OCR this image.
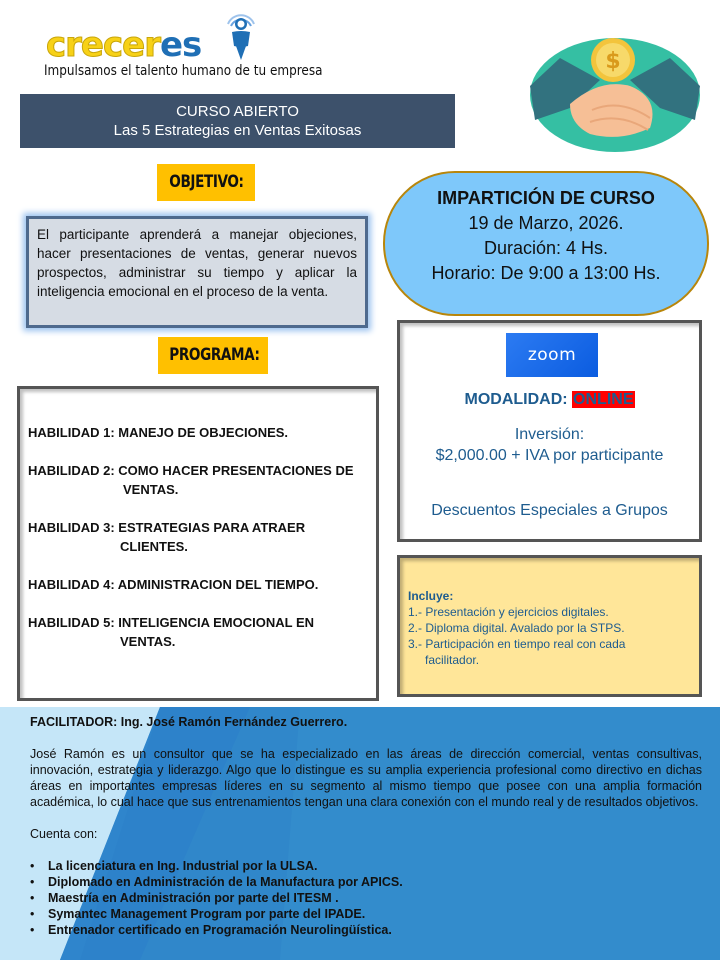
creceres
Impulsamos el talento humano de tu empresa	$
CURSO ABIERTO
Las 5 Estrategias en Ventas Exitosas
OBJETIVO:
El participante aprenderá a manejar objeciones, hacer presentaciones de ventas, generar nuevos prospectos, administrar su tiempo y aplicar la inteligencia emocional en el proceso de la venta.
IMPARTICIÓN DE CURSO
19 de Marzo, 2026.
Duración: 4 Hs.
Horario: De 9:00 a 13:00 Hs.
PROGRAMA:
HABILIDAD 1: MANEJO DE OBJECIONES.
HABILIDAD 2: COMO HACER PRESENTACIONES DE
VENTAS.
HABILIDAD 3: ESTRATEGIAS PARA ATRAER
CLIENTES.
HABILIDAD 4: ADMINISTRACION DEL TIEMPO.
HABILIDAD 5: INTELIGENCIA EMOCIONAL EN
VENTAS.
zoom
MODALIDAD: ONLINE
Inversión:
$2,000.00 + IVA por participante
Descuentos Especiales a Grupos
Incluye:
1.- Presentación y ejercicios digitales.
2.- Diploma digital. Avalado por la STPS.
3.- Participación en tiempo real con cada
facilitador.
FACILITADOR: Ing. José Ramón Fernández Guerrero.
José Ramón es un consultor que se ha especializado en las áreas de dirección comercial, ventas consultivas, innovación, estrategia y liderazgo. Algo que lo distingue es su amplia experiencia profesional como directivo en dichas áreas en importantes empresas líderes en su segmento al mismo tiempo que posee con una amplia formación académica, lo cual hace que sus entrenamientos tengan una clara conexión con el mundo real y de resultados objetivos.
Cuenta con:
• La licenciatura en Ing. Industrial por la ULSA.
• Diplomado en Administración de la Manufactura por APICS.
• Maestría en Administración por parte del ITESM .
• Symantec Management Program por parte del IPADE.
• Entrenador certificado en Programación Neurolingüística.
